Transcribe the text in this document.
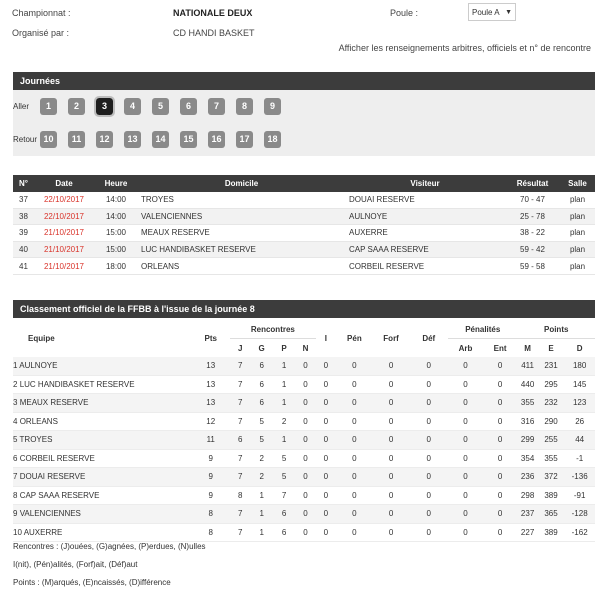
Championnat :	NATIONALE DEUX	Poule :	Poule A ▼
Organisé par :	CD HANDI BASKET
Afficher les renseignements arbitres, officiels et n° de rencontre
Journées
Aller
Retour
1	2	3	4	5	6	7	8	9
10	11	12	13	14	15	16	17	18
N°	Date	Heure	Domicile	Visiteur	Résultat	Salle
37	22/10/2017	14:00	TROYES	DOUAI RESERVE	70 - 47	plan
38	22/10/2017	14:00	VALENCIENNES	AULNOYE	25 - 78	plan
39	21/10/2017	15:00	MEAUX RESERVE	AUXERRE	38 - 22	plan
40	21/10/2017	15:00	LUC HANDIBASKET RESERVE	CAP SAAA RESERVE	59 - 42	plan
41	21/10/2017	18:00	ORLEANS	CORBEIL RESERVE	59 - 58	plan
Classement officiel de la FFBB à l'issue de la journée 8
Equipe	Pts	Rencontres				I	Pén	Forf	Déf	Pénalités		Points		
		J	G	P	N					Arb	Ent	M	E	D
1 AULNOYE	13	7	6	1	0	0	0	0	0	0	0	411	231	180
2 LUC HANDIBASKET RESERVE	13	7	6	1	0	0	0	0	0	0	0	440	295	145
3 MEAUX RESERVE	13	7	6	1	0	0	0	0	0	0	0	355	232	123
4 ORLEANS	12	7	5	2	0	0	0	0	0	0	0	316	290	26
5 TROYES	11	6	5	1	0	0	0	0	0	0	0	299	255	44
6 CORBEIL RESERVE	9	7	2	5	0	0	0	0	0	0	0	354	355	-1
7 DOUAI RESERVE	9	7	2	5	0	0	0	0	0	0	0	236	372	-136
8 CAP SAAA RESERVE	9	8	1	7	0	0	0	0	0	0	0	298	389	-91
9 VALENCIENNES	8	7	1	6	0	0	0	0	0	0	0	237	365	-128
10 AUXERRE	8	7	1	6	0	0	0	0	0	0	0	227	389	-162
Rencontres : (J)ouées, (G)agnées, (P)erdues, (N)ulles
I(nit), (Pén)alités, (Forf)ait, (Déf)aut
Points : (M)arqués, (E)ncaissés, (D)ifférence
